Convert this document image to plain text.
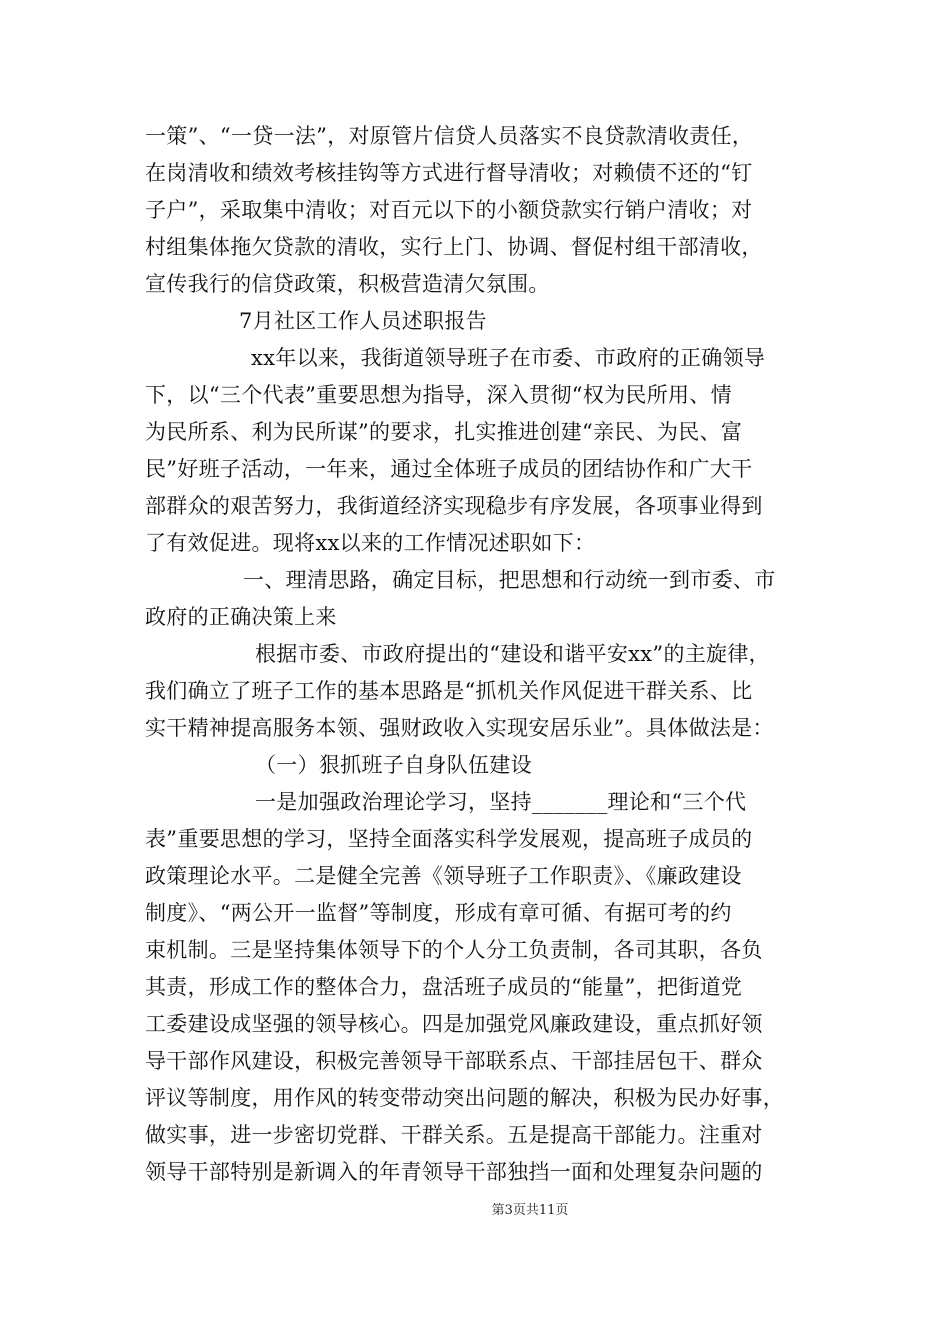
一策”、“一贷一法”，对原管片信贷人员落实不良贷款清收责任，
在岗清收和绩效考核挂钩等方式进行督导清收；对赖债不还的“钉
子户”，采取集中清收；对百元以下的小额贷款实行销户清收；对
村组集体拖欠贷款的清收，实行上门、协调、督促村组干部清收，
宣传我行的信贷政策，积极营造清欠氛围。
7月社区工作人员述职报告
xx年以来，我街道领导班子在市委、市政府的正确领导
下，以“三个代表”重要思想为指导，深入贯彻“权为民所用、情
为民所系、利为民所谋”的要求，扎实推进创建“亲民、为民、富
民”好班子活动，一年来，通过全体班子成员的团结协作和广大干
部群众的艰苦努力，我街道经济实现稳步有序发展，各项事业得到
了有效促进。现将xx以来的工作情况述职如下：
一、理清思路，确定目标，把思想和行动统一到市委、市
政府的正确决策上来
根据市委、市政府提出的“建设和谐平安xx”的主旋律，
我们确立了班子工作的基本思路是“抓机关作风促进干群关系、比
实干精神提高服务本领、强财政收入实现安居乐业”。具体做法是：
（一）狠抓班子自身队伍建设
一是加强政治理论学习，坚持_______理论和“三个代
表”重要思想的学习，坚持全面落实科学发展观，提高班子成员的
政策理论水平。二是健全完善《领导班子工作职责》、《廉政建设
制度》、“两公开一监督”等制度，形成有章可循、有据可考的约
束机制。三是坚持集体领导下的个人分工负责制，各司其职，各负
其责，形成工作的整体合力，盘活班子成员的“能量”，把街道党
工委建设成坚强的领导核心。四是加强党风廉政建设，重点抓好领
导干部作风建设，积极完善领导干部联系点、干部挂居包干、群众
评议等制度，用作风的转变带动突出问题的解决，积极为民办好事，
做实事，进一步密切党群、干群关系。五是提高干部能力。注重对
领导干部特别是新调入的年青领导干部独挡一面和处理复杂问题的
第3页共11页
